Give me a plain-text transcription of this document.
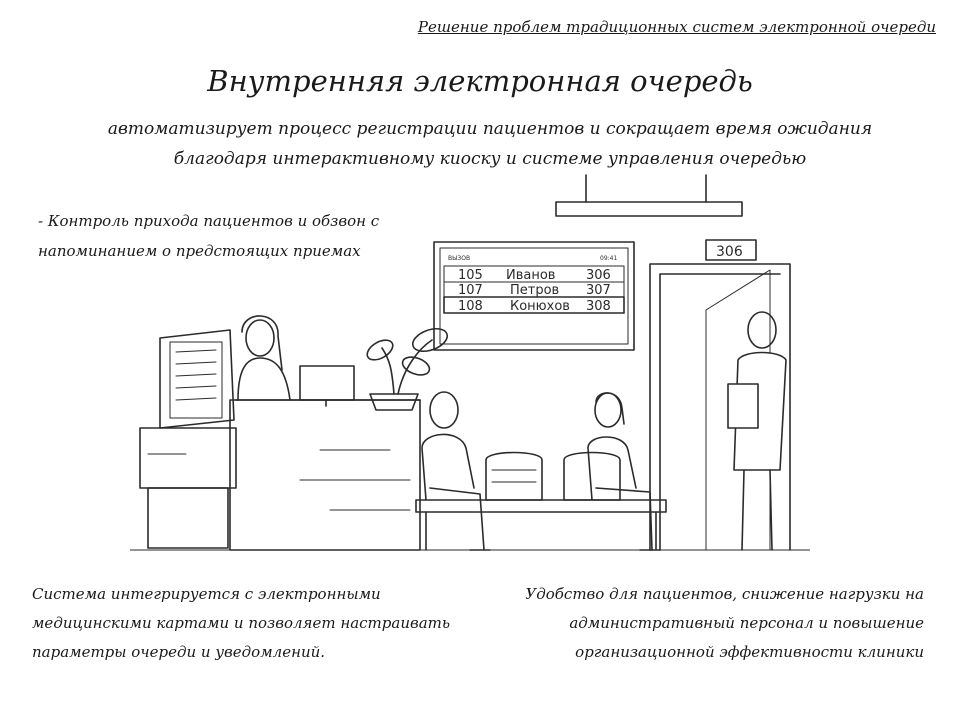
Решение проблем традиционных систем электронной очереди
Внутренняя электронная очередь
автоматизирует процесс регистрации пациентов и сокращает время ожидания благодаря интерактивному киоску и системе управления очередью
- Контроль прихода пациентов и обзвон с напоминанием о предстоящих приемах
Система интегрируется с электронными медицинскими картами и позволяет настраивать параметры очереди и уведомлений.
Удобство для пациентов, снижение нагрузки на административный персонал и повышение организационной эффективности клиники
ВЫЗОВ	09:41
105 Иванов 306
107 Петров 307
108 Конюхов 308
306
